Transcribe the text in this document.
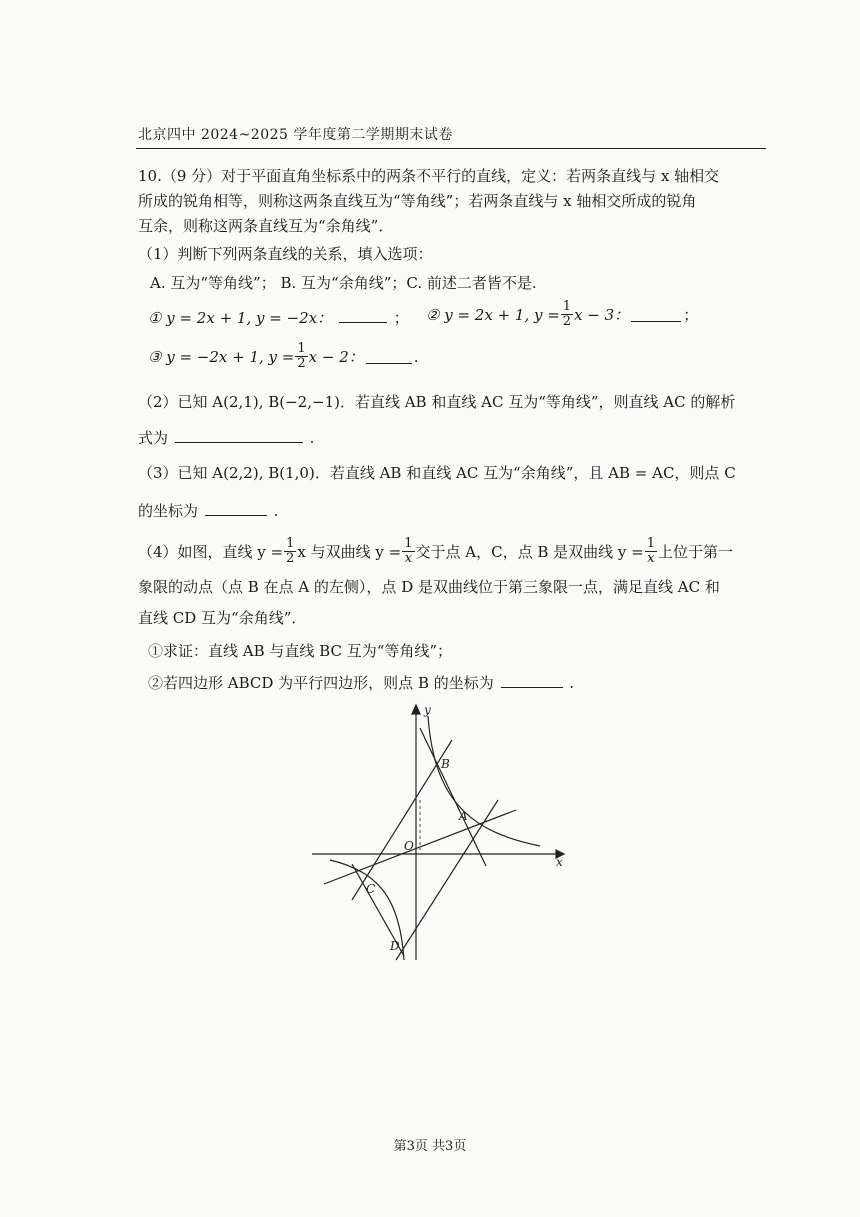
北京四中 2024~2025 学年度第二学期期末试卷
10.（9 分）对于平面直角坐标系中的两条不平行的直线，定义：若两条直线与 x 轴相交
所成的锐角相等，则称这两条直线互为“等角线”；若两条直线与 x 轴相交所成的锐角
互余，则称这两条直线互为“余角线”．
（1）判断下列两条直线的关系，填入选项：
A. 互为“等角线”； B. 互为“余角线”；C. 前述二者皆不是.
① y = 2x + 1, y = −2x：	； ② y = 2x + 1, $y = \frac{1}{2}$ x − 3：	；
③ y = −2x + 1, $y = \frac{1}{2}$ x − 2：	.
（2）已知 A(2,1), B(−2,−1)．若直线 AB 和直线 AC 互为“等角线”，则直线 AC 的解析
式为	.
（3）已知 A(2,2), B(1,0)．若直线 AB 和直线 AC 互为“余角线”，且 AB = AC，则点 C
的坐标为	.
（4）如图，直线 $y = \frac{1}{2}$ x 与双曲线 $y = \frac{1}{x}$ 交于点 A，C，点 B 是双曲线 $y = \frac{1}{x}$ 上位于第一
象限的动点（点 B 在点 A 的左侧），点 D 是双曲线位于第三象限一点，满足直线 AC 和
直线 CD 互为“余角线”．
①求证：直线 AB 与直线 BC 互为“等角线”；
②若四边形 ABCD 为平行四边形，则点 B 的坐标为	.
x
y
O
A
B
C
D
第3页 共3页
